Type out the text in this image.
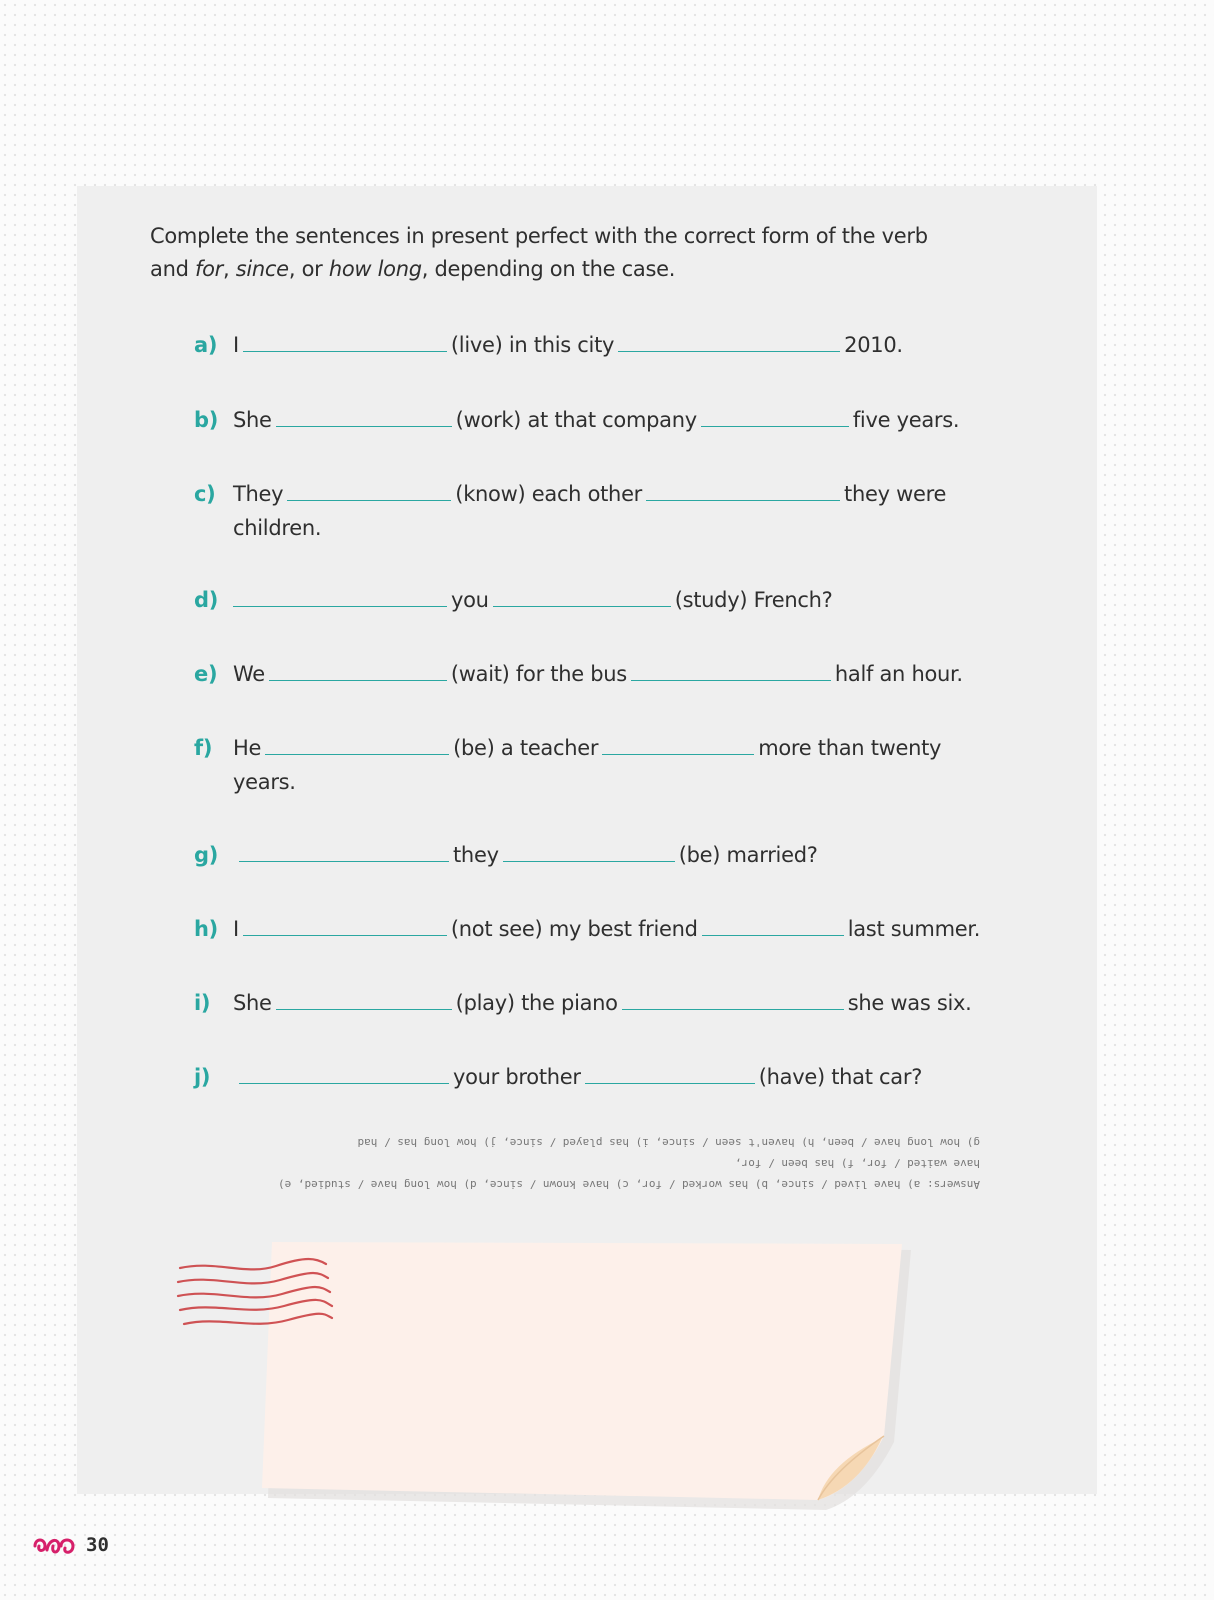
Complete the sentences in present perfect with the correct form of the verb and for, since, or how long, depending on the case.

a) I	(live) in this city	2010.
b) She	(work) at that company	five years.
c) They	(know) each other	they were children.
d)	you	(study) French?
e) We	(wait) for the bus	half an hour.
f) He	(be) a teacher	more than twenty years.
g)	they	(be) married?
h) I	(not see) my best friend	last summer.
i) She	(play) the piano	she was six.
j)	your brother	(have) that car?
Answers: a) have lived / since, b) has worked / for, c) have known / since, d) how long have / studied, e) have waited / for, f) has been / for,
g) how long have / been, h) haven't seen / since, i) has played / since, j) how long has / had
30
